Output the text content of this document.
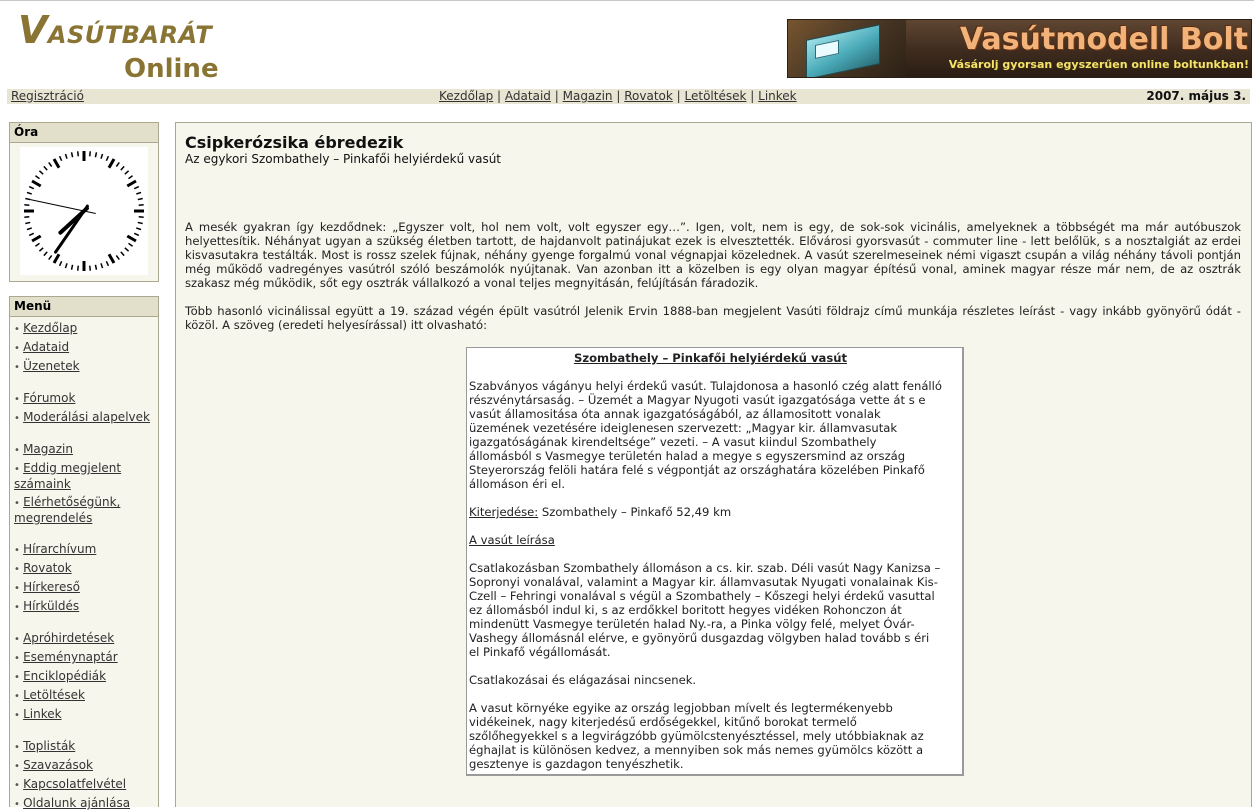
VASÚTBARÁT
Online
Vasútmodell Bolt
Vásárolj gyorsan egyszerűen online boltunkban!
Regisztráció	Kezdőlap | Adataid | Magazin | Rovatok | Letöltések | Linkek	2007. május 3.
Óra
Menü
• Kezdőlap
• Adataid
• Üzenetek
• Fórumok
• Moderálási alapelvek
• Magazin
• Eddig megjelent számaink
• Elérhetőségünk, megrendelés
• Hírarchívum
• Rovatok
• Hírkereső
• Hírküldés
• Apróhirdetések
• Eseménynaptár
• Enciklopédiák
• Letöltések
• Linkek
• Toplisták
• Szavazások
• Kapcsolatfelvétel
• Oldalunk ajánlása
Csipkerózsika ébredezik
Az egykori Szombathely – Pinkafői helyiérdekű vasút
A mesék gyakran így kezdődnek: „Egyszer volt, hol nem volt, volt egyszer egy…”. Igen, volt, nem is egy, de sok-sok vicinális, amelyeknek a többségét ma már autóbuszok helyettesítik. Néhányat ugyan a szükség életben tartott, de hajdanvolt patinájukat ezek is elvesztették. Elővárosi gyorsvasút - commuter line - lett belőlük, s a nosztalgiát az erdei kisvasutakra testálták. Most is rossz szelek fújnak, néhány gyenge forgalmú vonal végnapjai közelednek. A vasút szerelmeseinek némi vigaszt csupán a világ néhány távoli pontján még működő vadregényes vasútról szóló beszámolók nyújtanak. Van azonban itt a közelben is egy olyan magyar építésű vonal, aminek magyar része már nem, de az osztrák szakasz még működik, sőt egy osztrák vállalkozó a vonal teljes megnyitásán, felújításán fáradozik.
Több hasonló vicinálissal együtt a 19. század végén épült vasútról Jelenik Ervin 1888-ban megjelent Vasúti földrajz című munkája részletes leírást - vagy inkább gyönyörű ódát - közöl. A szöveg (eredeti helyesírással) itt olvasható:
Szombathely – Pinkafői helyiérdekű vasút

Szabványos vágányu helyi érdekű vasút. Tulajdonosa a hasonló czég alatt fenálló részvénytársaság. – Üzemét a Magyar Nyugoti vasút igazgatósága vette át s e vasút államositása óta annak igazgatóságából, az államositott vonalak üzemének vezetésére ideiglenesen szervezett: „Magyar kir. államvasutak igazgatóságának kirendeltsége” vezeti. – A vasut kiindul Szombathely állomásból s Vasmegye területén halad a megye s egyszersmind az ország Steyerország felöli határa felé s végpontját az országhatára közelében Pinkafő állomáson éri el.

Kiterjedése: Szombathely – Pinkafő 52,49 km

A vasút leírása

Csatlakozásban Szombathely állomáson a cs. kir. szab. Déli vasút Nagy Kanizsa – Sopronyi vonalával, valamint a Magyar kir. államvasutak Nyugati vonalainak Kis-Czell – Fehringi vonalával s végül a Szombathely – Kőszegi helyi érdekű vasuttal ez állomásból indul ki, s az erdőkkel boritott hegyes vidéken Rohonczon át mindenütt Vasmegye területén halad Ny.-ra, a Pinka völgy felé, melyet Óvár-Vashegy állomásnál elérve, e gyönyörű dusgazdag völgyben halad tovább s éri el Pinkafő végállomását.

Csatlakozásai és elágazásai nincsenek.

A vasut környéke egyike az ország legjobban mívelt és legtermékenyebb vidékeinek, nagy kiterjedésű erdőségekkel, kitűnő borokat termelő szőlőhegyekkel s a legvirágzóbb gyümölcstenyésztéssel, mely utóbbiaknak az éghajlat is különösen kedvez, a mennyiben sok más nemes gyümölcs között a gesztenye is gazdagon tenyészhetik.
